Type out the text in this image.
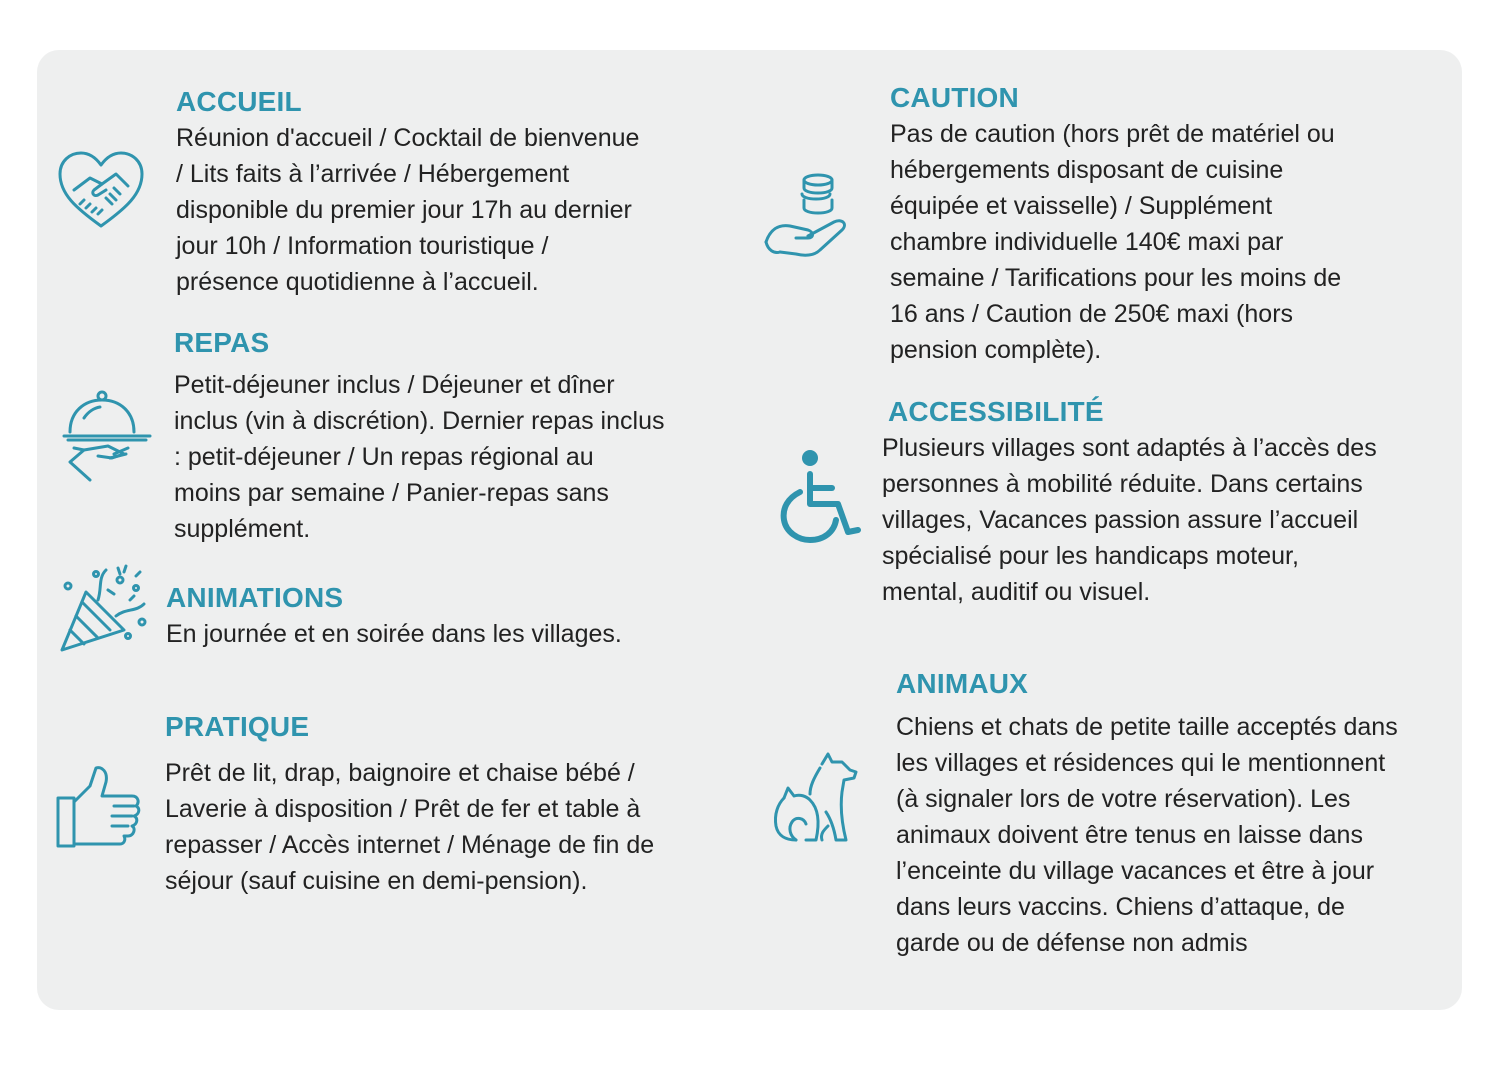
ACCUEIL

Réunion d'accueil / Cocktail de bienvenue
/ Lits faits à l’arrivée / Hébergement
disponible du premier jour 17h au dernier
jour 10h / Information touristique /
présence quotidienne à l’accueil.

REPAS

Petit-déjeuner inclus / Déjeuner et dîner
inclus (vin à discrétion). Dernier repas inclus
: petit-déjeuner / Un repas régional au
moins par semaine / Panier-repas sans
supplément.

ANIMATIONS

En journée et en soirée dans les villages.

PRATIQUE

Prêt de lit, drap, baignoire et chaise bébé /
Laverie à disposition / Prêt de fer et table à
repasser / Accès internet / Ménage de fin de
séjour (sauf cuisine en demi-pension).

CAUTION

Pas de caution (hors prêt de matériel ou
hébergements disposant de cuisine
équipée et vaisselle) / Supplément
chambre individuelle 140€ maxi par
semaine / Tarifications pour les moins de
16 ans / Caution de 250€ maxi (hors
pension complète).

ACCESSIBILITÉ

Plusieurs villages sont adaptés à l’accès des
personnes à mobilité réduite. Dans certains
villages, Vacances passion assure l’accueil
spécialisé pour les handicaps moteur,
mental, auditif ou visuel.

ANIMAUX

Chiens et chats de petite taille acceptés dans
les villages et résidences qui le mentionnent
(à signaler lors de votre réservation). Les
animaux doivent être tenus en laisse dans
l’enceinte du village vacances et être à jour
dans leurs vaccins. Chiens d’attaque, de
garde ou de défense non admis
